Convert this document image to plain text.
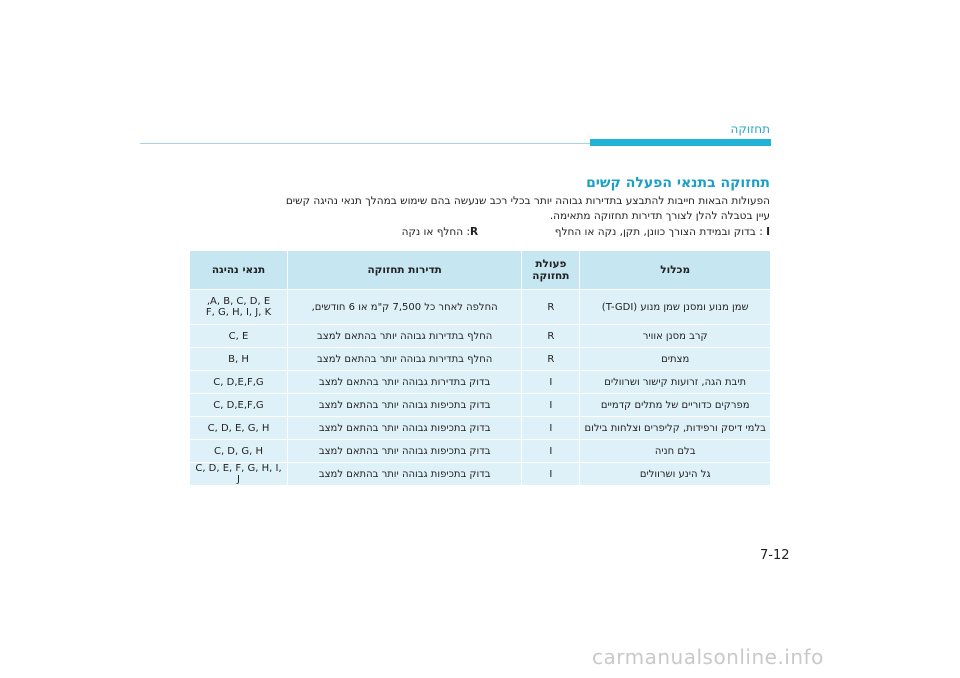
תחזוקה
תחזוקה בתנאי הפעלה קשים
הפעולות הבאות חייבות להתבצע בתדירות גבוהה יותר בכלי רכב שנעשה בהם שימוש במהלך תנאי נהיגה קשים
עיין בטבלה להלן לצורך תדירות תחזוקה מתאימה.
I : בדוק ובמידת הצורך כוונן, תקן, נקה או החלף  R: החלף או נקה
מכלול	פעולת תחזוקה	תדירות תחזוקה	תנאי נהיגה
שמן מנוע ומסנן שמן מנוע (T-GDI)	R	החלפה לאחר כל 7,500 ק"מ או 6 חודשים,	A, B, C, D, E,
F, G, H, I, J, K
קרב מסנן אוויר	R	החלף בתדירות גבוהה יותר בהתאם למצב	C, E
מצתים	R	החלף בתדירות גבוהה יותר בהתאם למצב	B, H
תיבת הגה, זרועות קישור ושרוולים	I	בדוק בתדירות גבוהה יותר בהתאם למצב	C, D,E,F,G
מפרקים כדוריים של מתלים קדמיים	I	בדוק בתכיפות גבוהה יותר בהתאם למצב	C, D,E,F,G
בלמי דיסק ורפידות, קליפרים וצלחות בילום	I	בדוק בתכיפות גבוהה יותר בהתאם למצב	C, D, E, G, H
בלם חניה	I	בדוק בתכיפות גבוהה יותר בהתאם למצב	C, D, G, H
גל הינע ושרוולים	I	בדוק בתכיפות גבוהה יותר בהתאם למצב	C, D, E, F, G, H, I, J
7-12
carmanualsonline.info
